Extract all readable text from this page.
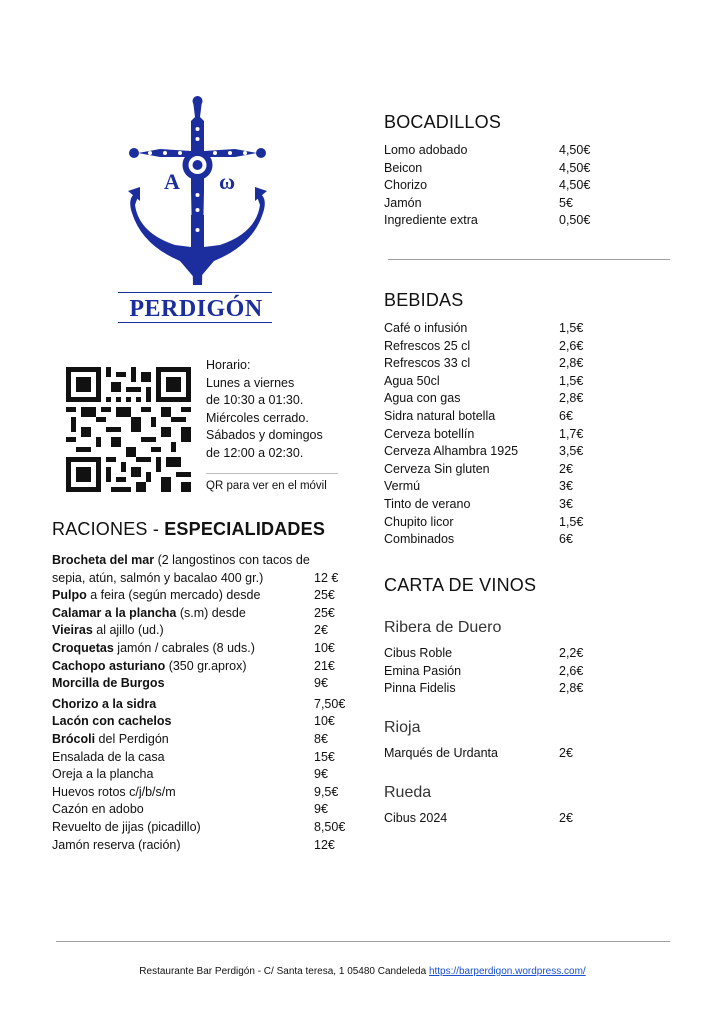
Α ω
PERDIGÓN
Horario:
Lunes a viernes
de 10:30 a 01:30.
Miércoles cerrado.
Sábados y domingos
de 12:00 a 02:30.
QR para ver en el móvil
RACIONES - ESPECIALIDADES
Brocheta del mar (2 langostinos con tacos de
sepia, atún, salmón y bacalao 400 gr.)	12 €
Pulpo a feira (según mercado) desde	25€
Calamar a la plancha (s.m) desde	25€
Vieiras al ajillo (ud.)	2€
Croquetas jamón / cabrales (8 uds.)	10€
Cachopo asturiano (350 gr.aprox)	21€
Morcilla de Burgos	9€
Chorizo a la sidra	7,50€
Lacón con cachelos	10€
Brócoli del Perdigón	8€
Ensalada de la casa	15€
Oreja a la plancha	9€
Huevos rotos c/j/b/s/m	9,5€
Cazón en adobo	9€
Revuelto de jijas (picadillo)	8,50€
Jamón reserva (ración)	12€
BOCADILLOS
Lomo adobado	4,50€
Beicon	4,50€
Chorizo	4,50€
Jamón	5€
Ingrediente extra	0,50€
BEBIDAS
Café o infusión	1,5€
Refrescos 25 cl	2,6€
Refrescos 33 cl	2,8€
Agua 50cl	1,5€
Agua con gas	2,8€
Sidra natural botella	6€
Cerveza botellín	1,7€
Cerveza Alhambra 1925	3,5€
Cerveza Sin gluten	2€
Vermú	3€
Tinto de verano	3€
Chupito licor	1,5€
Combinados	6€
CARTA DE VINOS
Ribera de Duero
Cibus Roble	2,2€
Emina Pasión	2,6€
Pinna Fidelis	2,8€
Rioja
Marqués de Urdanta	2€
Rueda
Cibus 2024	2€
Restaurante Bar Perdigón - C/ Santa teresa, 1 05480 Candeleda https://barperdigon.wordpress.com/
